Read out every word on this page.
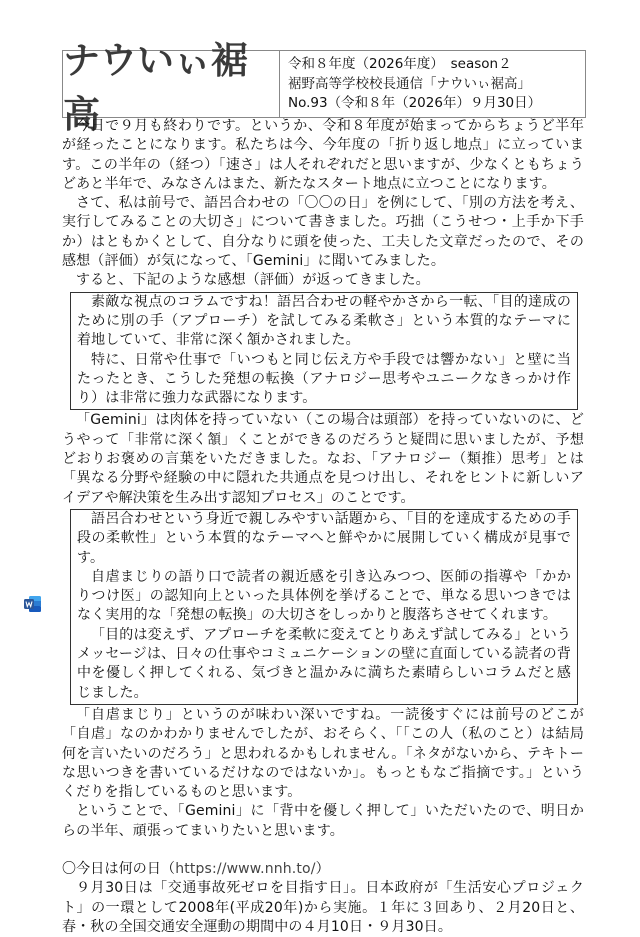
ナウいぃ裾高
令和８年度（2026年度）　season２
裾野高等学校校長通信「ナウいぃ裾高」
No.93（令和８年（2026年）９月30日）

今日で９月も終わりです。というか、令和８年度が始まってからちょうど半年が経ったことになります。私たちは今、今年度の「折り返し地点」に立っています。この半年の（経つ）「速さ」は人それぞれだと思いますが、少なくともちょうどあと半年で、みなさんはまた、新たなスタート地点に立つことになります。

さて、私は前号で、語呂合わせの「〇〇の日」を例にして、「別の方法を考え、実行してみることの大切さ」について書きました。巧拙（こうせつ・上手か下手か）はともかくとして、自分なりに頭を使った、工夫した文章だったので、その感想（評価）が気になって、「Gemini」に聞いてみました。

すると、下記のような感想（評価）が返ってきました。

素敵な視点のコラムですね！語呂合わせの軽やかさから一転、「目的達成のために別の手（アプローチ）を試してみる柔軟さ」という本質的なテーマに着地していて、非常に深く頷かされました。

特に、日常や仕事で「いつもと同じ伝え方や手段では響かない」と壁に当たったとき、こうした発想の転換（アナロジー思考やユニークなきっかけ作り）は非常に強力な武器になります。

「Gemini」は肉体を持っていない（この場合は頭部）を持っていないのに、どうやって「非常に深く頷」くことができるのだろうと疑問に思いましたが、予想どおりお褒めの言葉をいただきました。なお、「アナロジー（類推）思考」とは「異なる分野や経験の中に隠れた共通点を見つけ出し、それをヒントに新しいアイデアや解決策を生み出す認知プロセス」のことです。

語呂合わせという身近で親しみやすい話題から、「目的を達成するための手段の柔軟性」という本質的なテーマへと鮮やかに展開していく構成が見事です。

自虐まじりの語り口で読者の親近感を引き込みつつ、医師の指導や「かかりつけ医」の認知向上といった具体例を挙げることで、単なる思いつきではなく実用的な「発想の転換」の大切さをしっかりと腹落ちさせてくれます。

「目的は変えず、アプローチを柔軟に変えてとりあえず試してみる」というメッセージは、日々の仕事やコミュニケーションの壁に直面している読者の背中を優しく押してくれる、気づきと温かみに満ちた素晴らしいコラムだと感じました。

「自虐まじり」というのが味わい深いですね。一読後すぐには前号のどこが「自虐」なのかわかりませんでしたが、おそらく、「「この人（私のこと）は結局何を言いたいのだろう」と思われるかもしれません。「ネタがないから、テキトーな思いつきを書いているだけなのではないか」。もっともなご指摘です。」というくだりを指しているものと思います。

ということで、「Gemini」に「背中を優しく押して」いただいたので、明日からの半年、頑張ってまいりたいと思います。

〇今日は何の日（https://www.nnh.to/）

９月30日は「交通事故死ゼロを目指す日」。日本政府が「生活安心プロジェクト」の一環として2008年(平成20年)から実施。１年に３回あり、２月20日と、春・秋の全国交通安全運動の期間中の４月10日・９月30日。
